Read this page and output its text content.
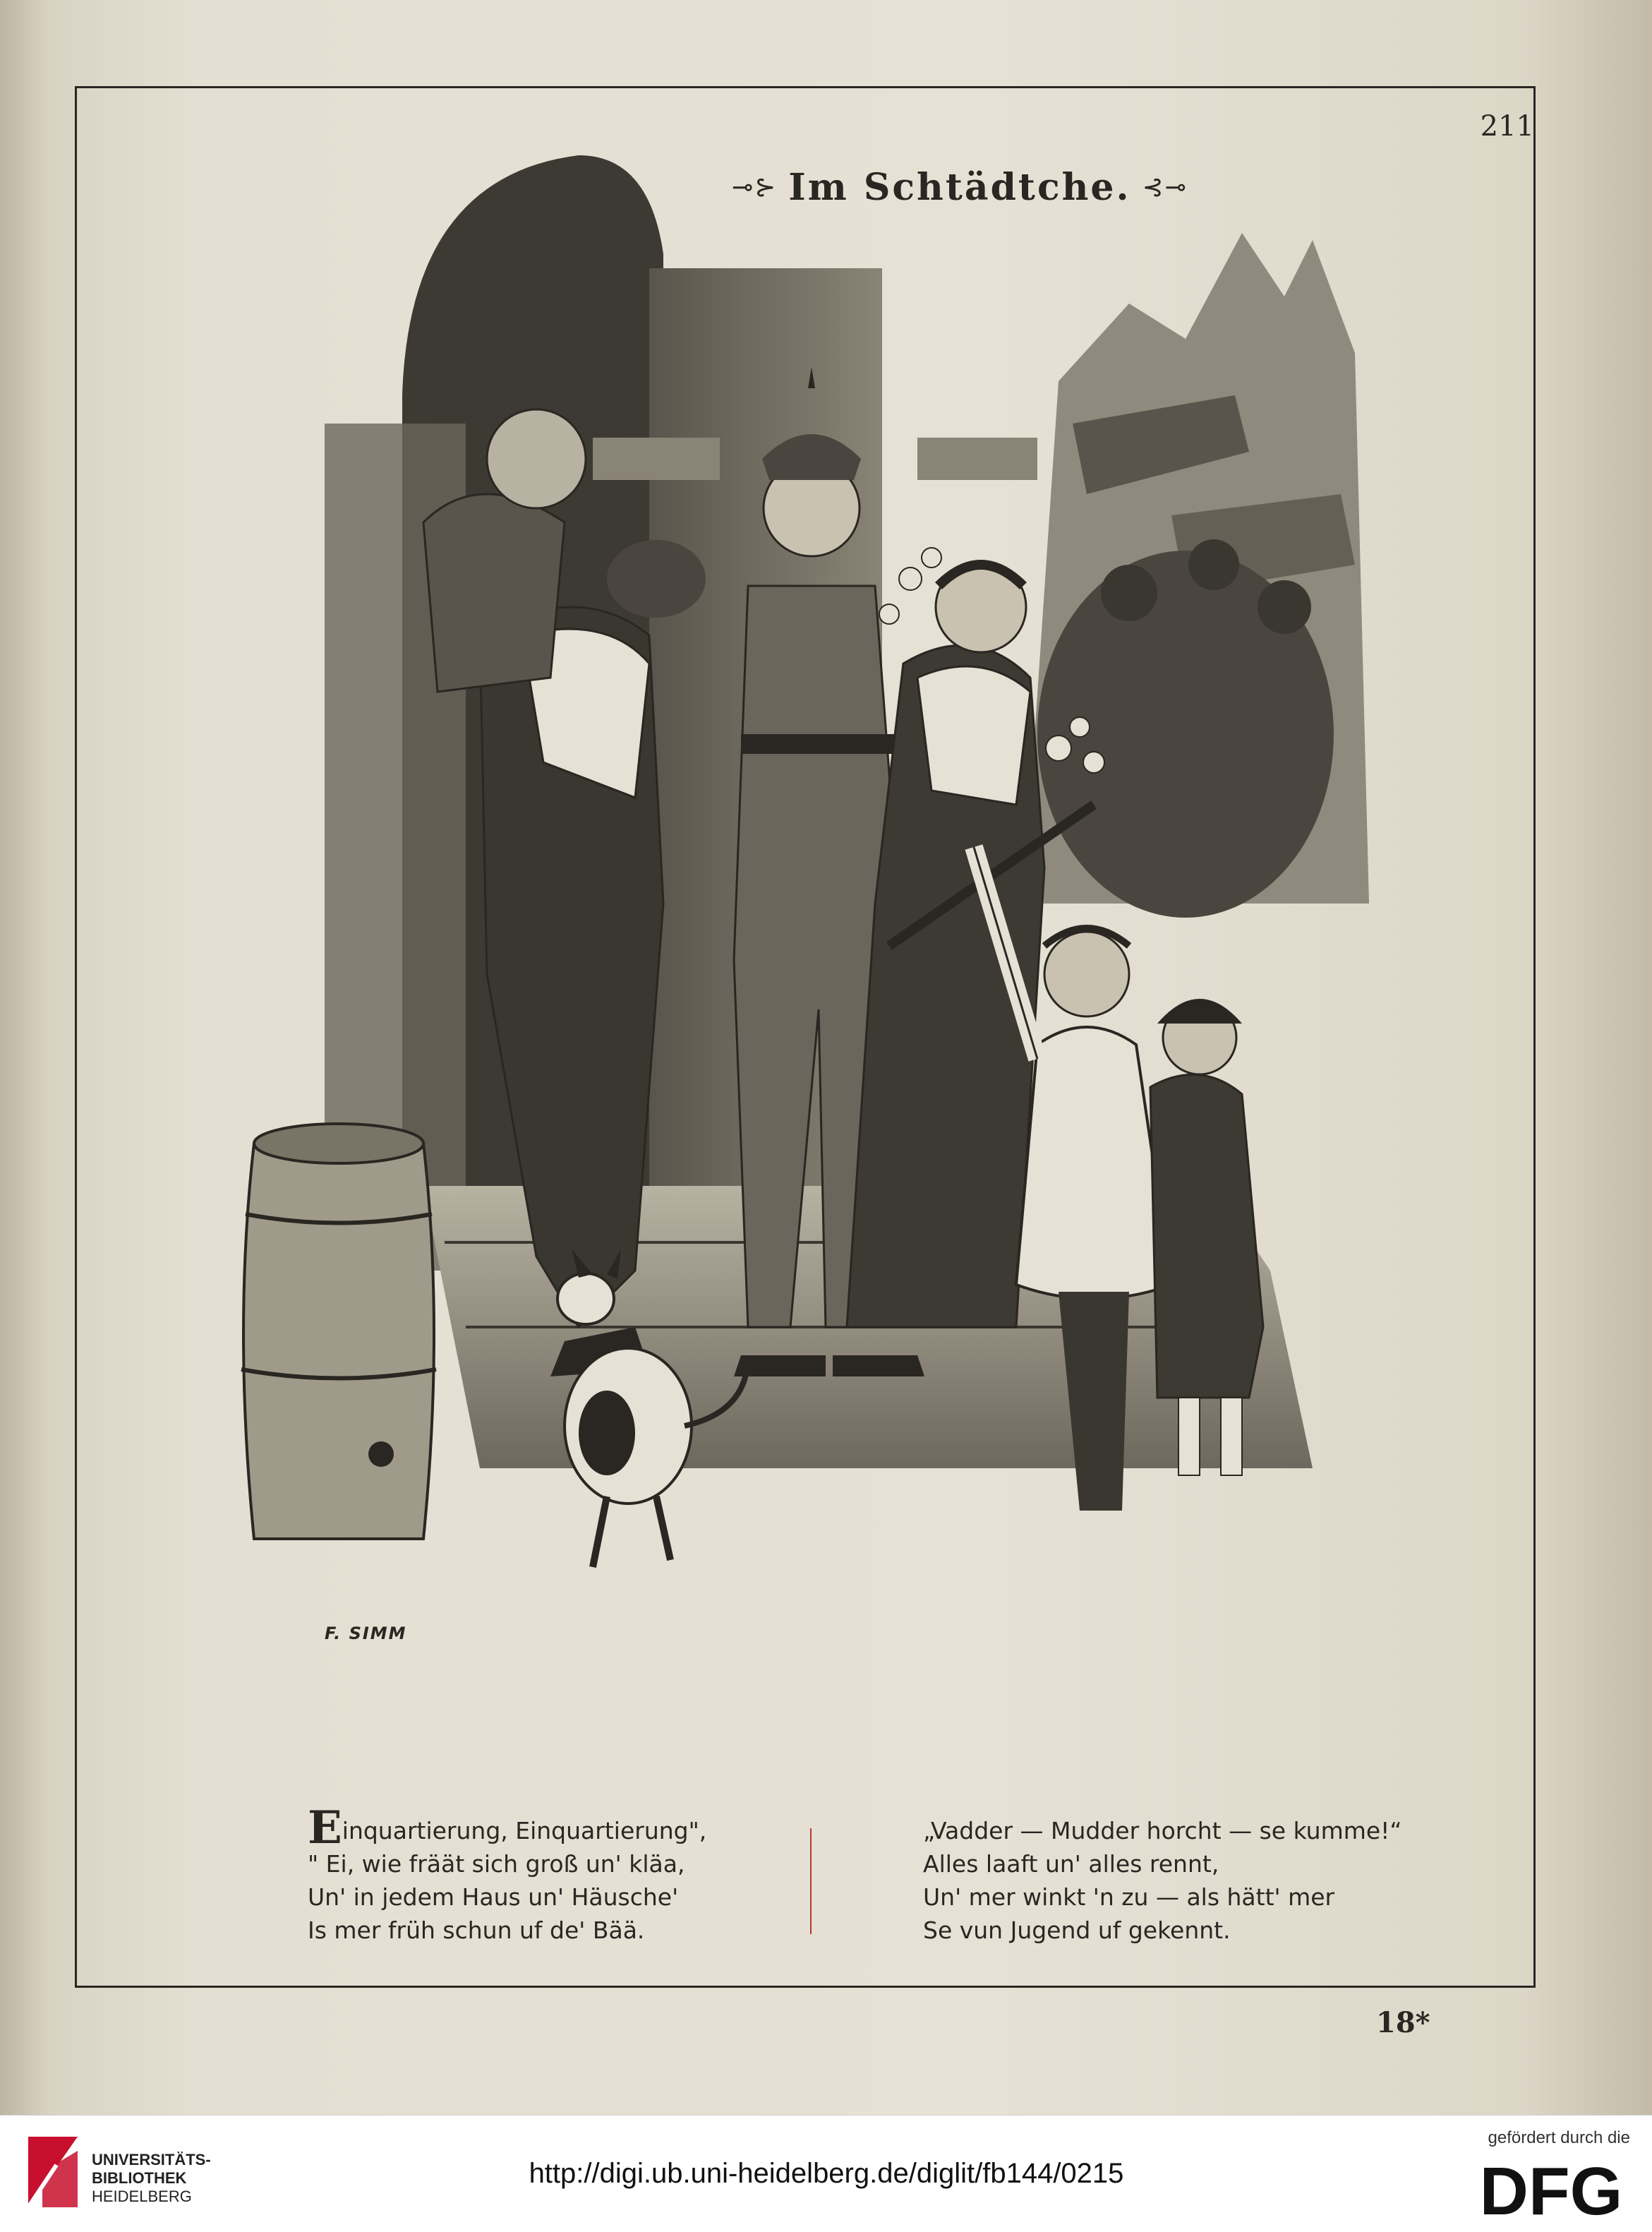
211
⊸⊱ Im Schtädtche. ⊰⊸
F. SIMM
Einquartierung, Einquartierung",
" Ei, wie fräät sich groß un' kläa,
Un' in jedem Haus un' Häusche'
Is mer früh schun uf de' Bää.
„Vadder — Mudder horcht — se kumme!“
Alles laaft un' alles rennt,
Un' mer winkt 'n zu — als hätt' mer
Se vun Jugend uf gekennt.
18*
UNIVERSITÄTS-
BIBLIOTHEK
HEIDELBERG
http://digi.ub.uni-heidelberg.de/diglit/fb144/0215
gefördert durch die
DFG
